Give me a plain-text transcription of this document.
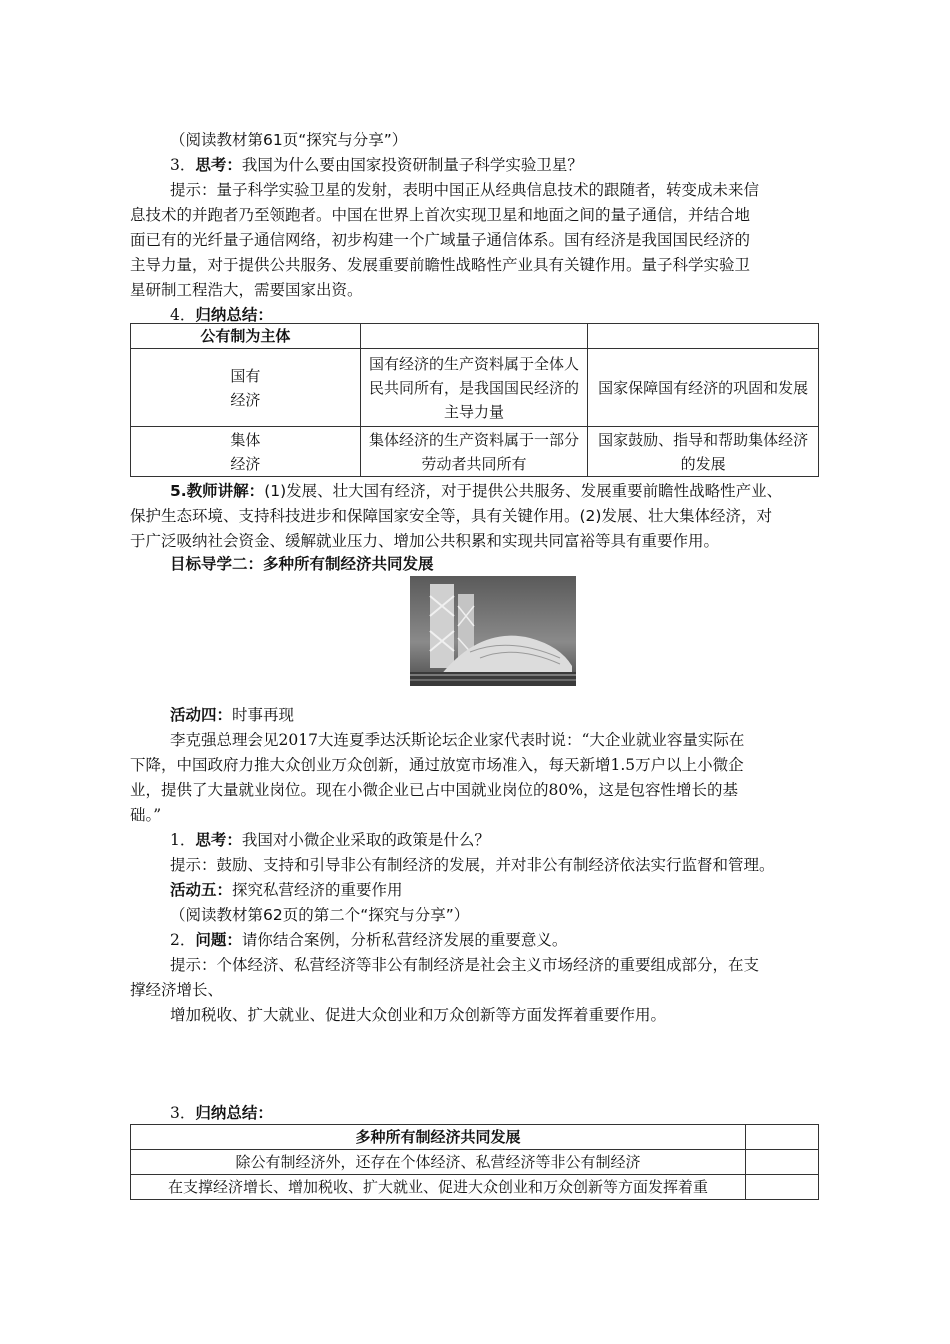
（阅读教材第61页“探究与分享”）
3．思考：我国为什么要由国家投资研制量子科学实验卫星？
提示：量子科学实验卫星的发射，表明中国正从经典信息技术的跟随者，转变成未来信
息技术的并跑者乃至领跑者。中国在世界上首次实现卫星和地面之间的量子通信，并结合地
面已有的光纤量子通信网络，初步构建一个广域量子通信体系。国有经济是我国国民经济的
主导力量，对于提供公共服务、发展重要前瞻性战略性产业具有关键作用。量子科学实验卫
星研制工程浩大，需要国家出资。
4．归纳总结：
公有制为主体		

国有
经济	国有经济的生产资料属于全体人民共同所有，是我国国民经济的主导力量	国家保障国有经济的巩固和发展

集体
经济	集体经济的生产资料属于一部分劳动者共同所有	国家鼓励、指导和帮助集体经济的发展
5.教师讲解：(1)发展、壮大国有经济，对于提供公共服务、发展重要前瞻性战略性产业、
保护生态环境、支持科技进步和保障国家安全等，具有关键作用。(2)发展、壮大集体经济，对
于广泛吸纳社会资金、缓解就业压力、增加公共积累和实现共同富裕等具有重要作用。
目标导学二：多种所有制经济共同发展
活动四：时事再现
李克强总理会见2017大连夏季达沃斯论坛企业家代表时说：“大企业就业容量实际在
下降，中国政府力推大众创业万众创新，通过放宽市场准入，每天新增1.5万户以上小微企
业，提供了大量就业岗位。现在小微企业已占中国就业岗位的80%，这是包容性增长的基
础。”
1．思考：我国对小微企业采取的政策是什么？
提示：鼓励、支持和引导非公有制经济的发展，并对非公有制经济依法实行监督和管理。
活动五：探究私营经济的重要作用
（阅读教材第62页的第二个“探究与分享”）
2．问题：请你结合案例，分析私营经济发展的重要意义。
提示：个体经济、私营经济等非公有制经济是社会主义市场经济的重要组成部分，在支
撑经济增长、
增加税收、扩大就业、促进大众创业和万众创新等方面发挥着重要作用。
3．归纳总结：
多种所有制经济共同发展	
除公有制经济外，还存在个体经济、私营经济等非公有制经济	
在支撑经济增长、增加税收、扩大就业、促进大众创业和万众创新等方面发挥着重	
